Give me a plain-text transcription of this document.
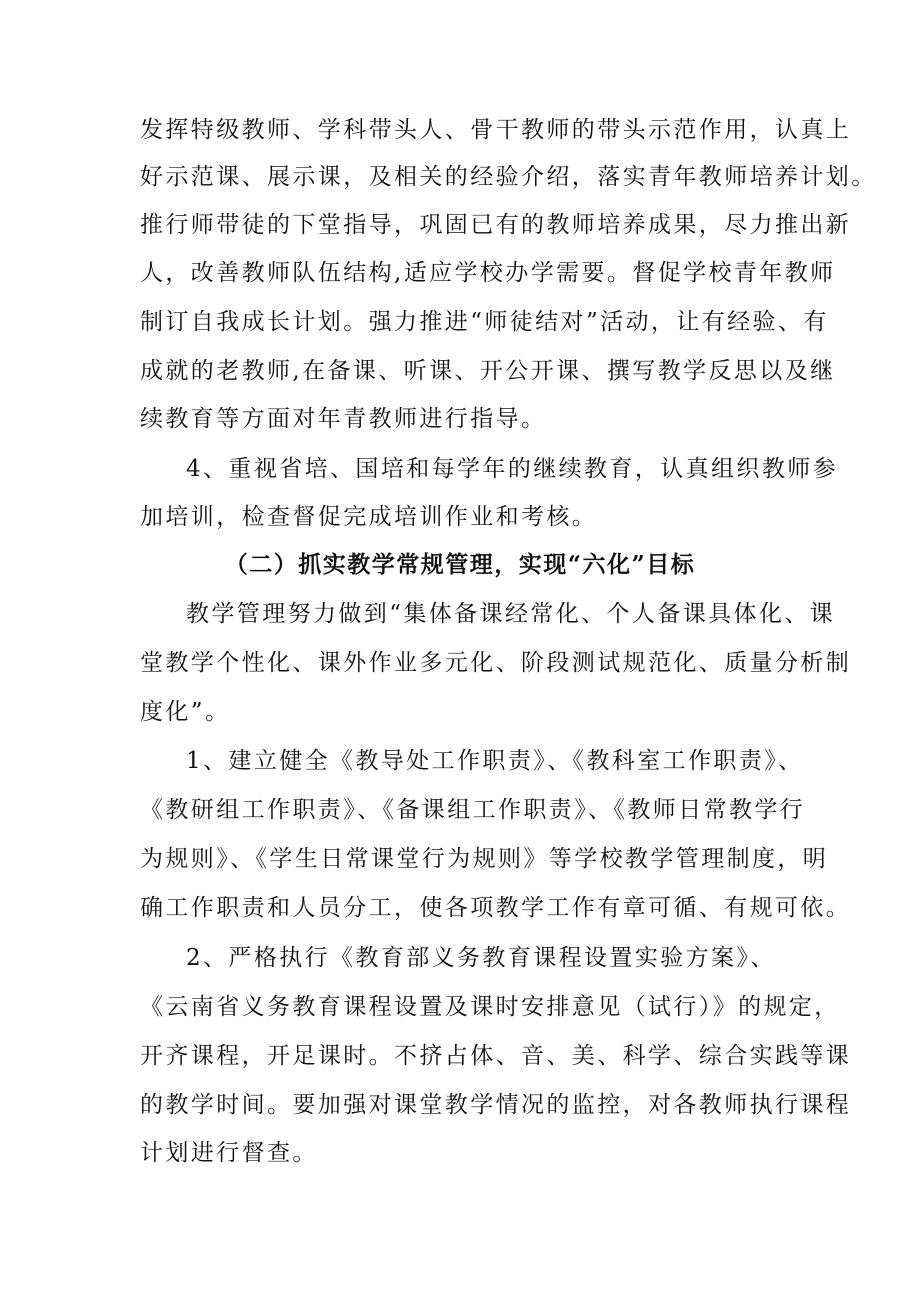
发挥特级教师、学科带头人、骨干教师的带头示范作用，认真上
好示范课、展示课，及相关的经验介绍，落实青年教师培养计划。
推行师带徒的下堂指导，巩固已有的教师培养成果，尽力推出新
人，改善教师队伍结构,适应学校办学需要。督促学校青年教师
制订自我成长计划。强力推进“师徒结对”活动，让有经验、有
成就的老教师,在备课、听课、开公开课、撰写教学反思以及继
续教育等方面对年青教师进行指导。
4、重视省培、国培和每学年的继续教育，认真组织教师参
加培训，检查督促完成培训作业和考核。
（二）抓实教学常规管理，实现“六化”目标
教学管理努力做到“集体备课经常化、个人备课具体化、课
堂教学个性化、课外作业多元化、阶段测试规范化、质量分析制
度化”。
1、建立健全《教导处工作职责》、《教科室工作职责》、
《教研组工作职责》、《备课组工作职责》、《教师日常教学行
为规则》、《学生日常课堂行为规则》等学校教学管理制度，明
确工作职责和人员分工，使各项教学工作有章可循、有规可依。
2、严格执行《教育部义务教育课程设置实验方案》、
《云南省义务教育课程设置及课时安排意见（试行）》的规定，
开齐课程，开足课时。不挤占体、音、美、科学、综合实践等课
的教学时间。要加强对课堂教学情况的监控，对各教师执行课程
计划进行督查。
